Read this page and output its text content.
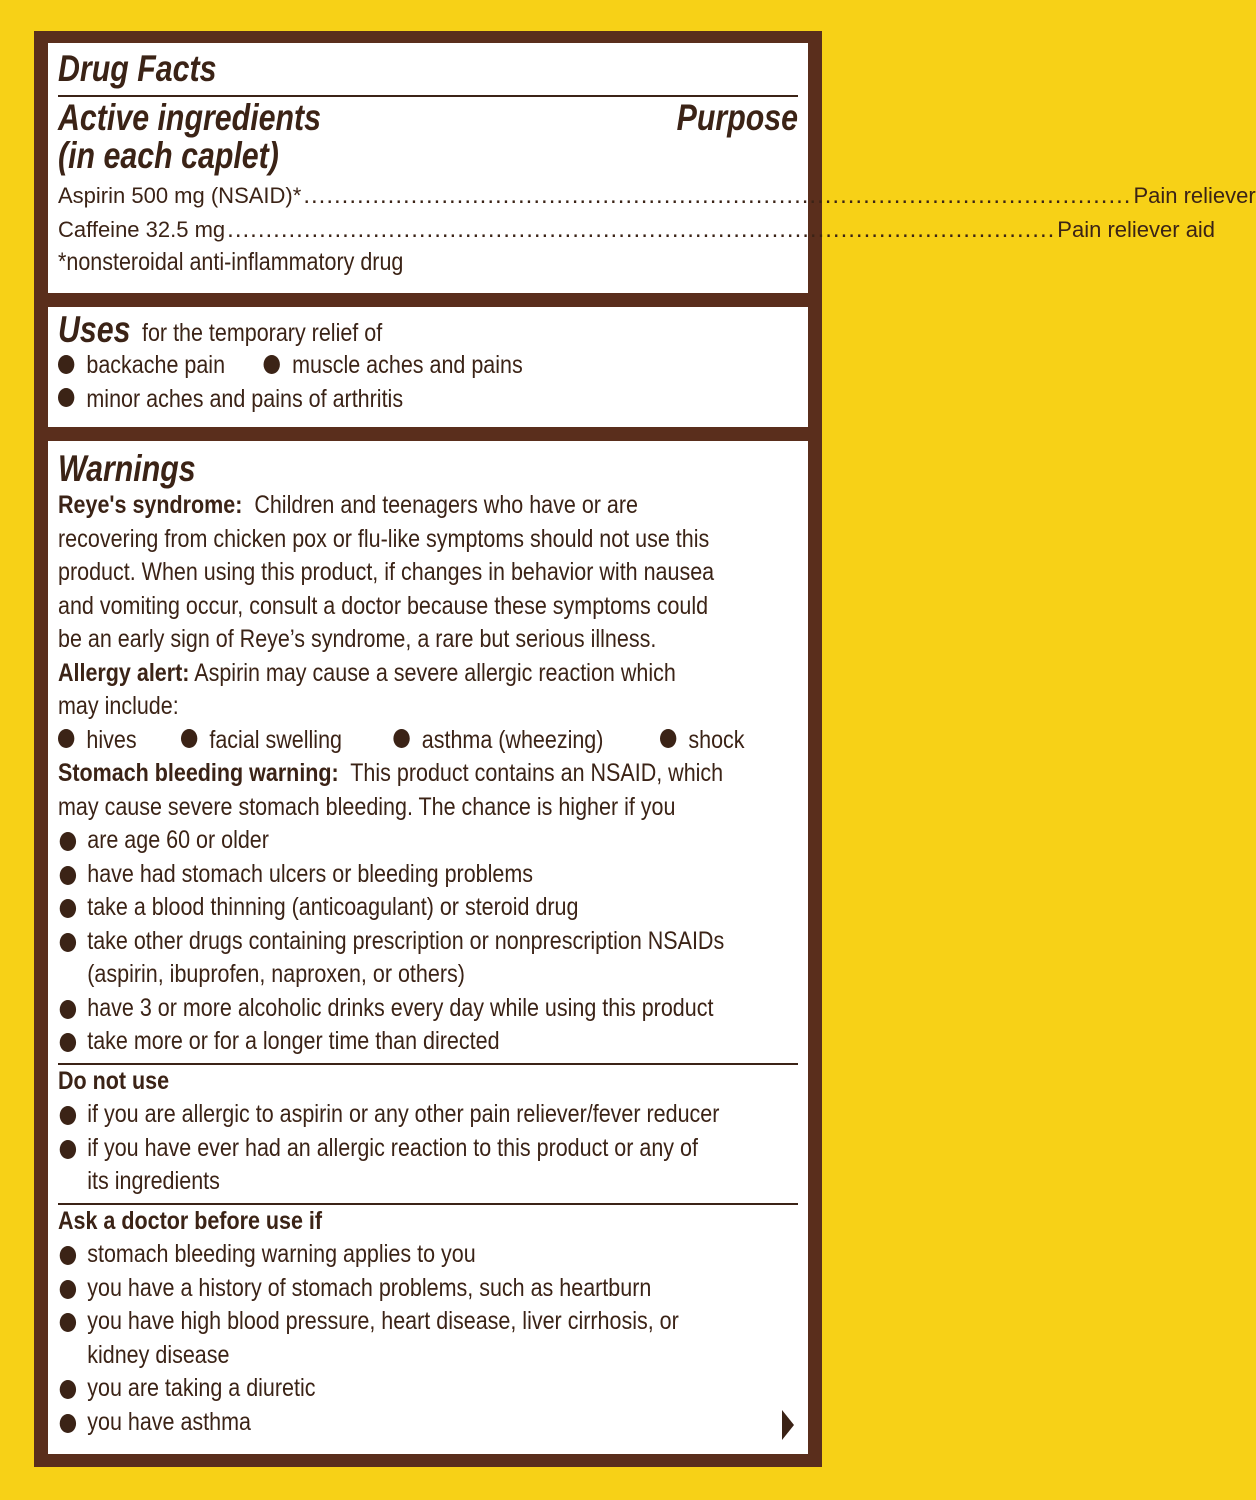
Drug Facts
Active ingredients
(in each caplet)
Purpose
Aspirin 500 mg (NSAID)* ............................................................................................................ Pain reliever
Caffeine 32.5 mg ............................................................................................................ Pain reliever aid
*nonsteroidal anti-inflammatory drug
Uses for the temporary relief of
backache pain	muscle aches and pains
minor aches and pains of arthritis
Warnings
Reye's syndrome: Children and teenagers who have or are
recovering from chicken pox or flu-like symptoms should not use this
product. When using this product, if changes in behavior with nausea
and vomiting occur, consult a doctor because these symptoms could
be an early sign of Reye’s syndrome, a rare but serious illness.
Allergy alert: Aspirin may cause a severe allergic reaction which
may include:
hives	facial swelling	asthma (wheezing)	shock
Stomach bleeding warning: This product contains an NSAID, which
may cause severe stomach bleeding. The chance is higher if you
are age 60 or older
have had stomach ulcers or bleeding problems
take a blood thinning (anticoagulant) or steroid drug
take other drugs containing prescription or nonprescription NSAIDs
(aspirin, ibuprofen, naproxen, or others)
have 3 or more alcoholic drinks every day while using this product
take more or for a longer time than directed
Do not use
if you are allergic to aspirin or any other pain reliever/fever reducer
if you have ever had an allergic reaction to this product or any of
its ingredients
Ask a doctor before use if
stomach bleeding warning applies to you
you have a history of stomach problems, such as heartburn
you have high blood pressure, heart disease, liver cirrhosis, or
kidney disease
you are taking a diuretic
you have asthma
